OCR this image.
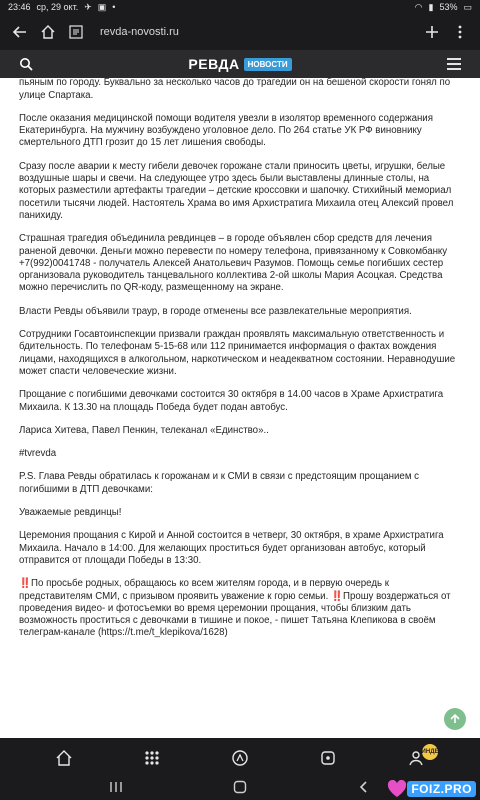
23:46 ср, 29 окт. ✈ ▣ •	◠ ▮ 53% ▭
revda-novosti.ru
РЕВДА	НОВОСТИ

пьяным по городу. Буквально за несколько часов до трагедии он на бешеной скорости гонял по улице Спартака.

После оказания медицинской помощи водителя увезли в изолятор временного содержания Екатеринбурга. На мужчину возбуждено уголовное дело. По 264 статье УК РФ виновнику смертельного ДТП грозит до 15 лет лишения свободы.

Сразу после аварии к месту гибели девочек горожане стали приносить цветы, игрушки, белые воздушные шары и свечи. На следующее утро здесь были выставлены длинные столы, на которых разместили артефакты трагедии – детские кроссовки и шапочку. Стихийный мемориал посетили тысячи людей. Настоятель Храма во имя Архистратига Михаила отец Алексий провел панихиду.

Страшная трагедия объединила ревдинцев – в городе объявлен сбор средств для лечения раненой девочки. Деньги можно перевести по номеру телефона, привязанному к Совкомбанку +7(992)0041748 - получатель Алексей Анатольевич Разумов. Помощь семье погибших сестер организовала руководитель танцевального коллектива 2-ой школы Мария Асоцкая. Средства можно перечислить по QR-коду, размещенному на экране.

Власти Ревды объявили траур, в городе отменены все развлекательные мероприятия.

Сотрудники Госавтоинспекции призвали граждан проявлять максимальную ответственность и бдительность. По телефонам 5-15-68 или 112 принимается информация о фактах вождения лицами, находящихся в алкогольном, наркотическом и неадекватном состоянии. Неравнодушие может спасти человеческие жизни.

Прощание с погибшими девочками состоится 30 октября в 14.00 часов в Храме Архистратига Михаила. К 13.30 на площадь Победа будет подан автобус.

Лариса Хитева, Павел Пенкин, телеканал «Единство»..

#tvrevda

P.S. Глава Ревды обратилась к горожанам и к СМИ в связи с предстоящим прощанием с погибшими в ДТП девочками:

Уважаемые ревдинцы!

Церемония прощания с Кирой и Анной состоится в четверг, 30 октября, в храме Архистратига Михаила. Начало в 14:00. Для желающих проститься будет организован автобус, который отправится от площади Победы в 13:30.

‼️По просьбе родных, обращаюсь ко всем жителям города, и в первую очередь к представителям СМИ, с призывом проявить уважение к горю семьи. ‼️Прошу воздержаться от проведения видео- и фотосъемки во время церемонии прощания, чтобы близким дать возможность проститься с девочками в тишине и покое, - пишет Татьяна Клепикова в своём телеграм-канале (https://t.me/t_klepikova/1628)

ИНДЕ
FOIZ.PRO
